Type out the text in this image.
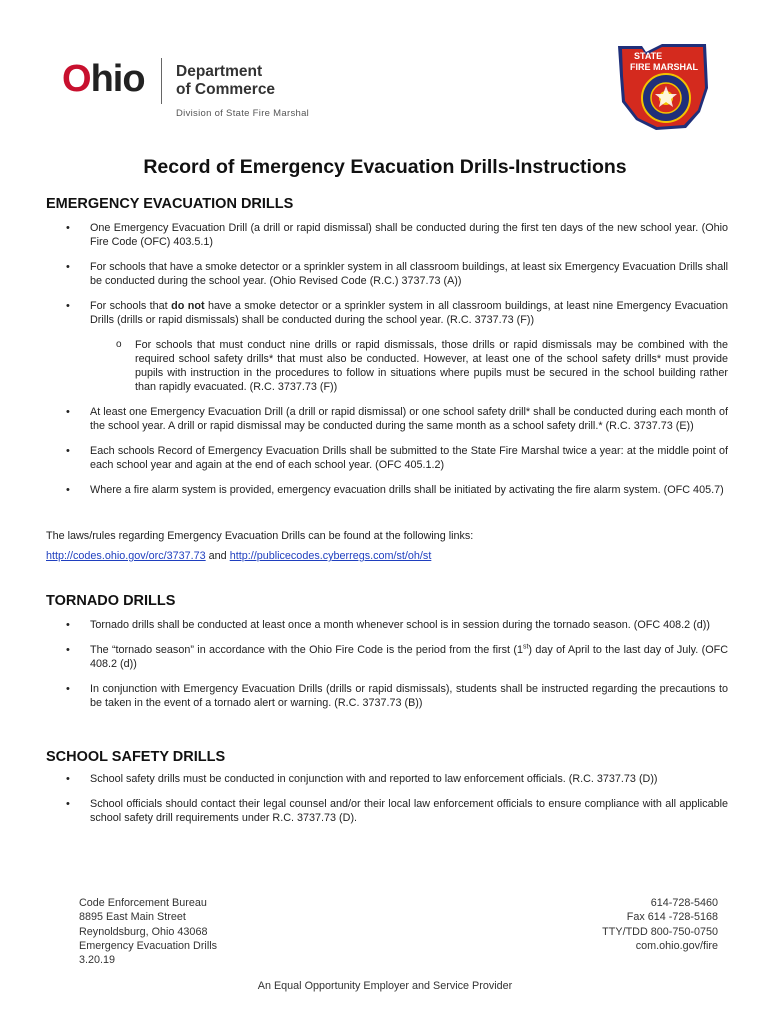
Ohio Department
of Commerce
Division of State Fire Marshal
STATE
FIRE MARSHAL
Record of Emergency Evacuation Drills-Instructions
EMERGENCY EVACUATION DRILLS
• One Emergency Evacuation Drill (a drill or rapid dismissal) shall be conducted during the first ten days of the new school year. (Ohio Fire Code (OFC) 403.5.1)
• For schools that have a smoke detector or a sprinkler system in all classroom buildings, at least six Emergency Evacuation Drills shall be conducted during the school year. (Ohio Revised Code (R.C.) 3737.73 (A))
• For schools that do not have a smoke detector or a sprinkler system in all classroom buildings, at least nine Emergency Evacuation Drills (drills or rapid dismissals) shall be conducted during the school year. (R.C. 3737.73 (F))
o For schools that must conduct nine drills or rapid dismissals, those drills or rapid dismissals may be combined with the required school safety drills* that must also be conducted. However, at least one of the school safety drills* must provide pupils with instruction in the procedures to follow in situations where pupils must be secured in the school building rather than rapidly evacuated. (R.C. 3737.73 (F))
• At least one Emergency Evacuation Drill (a drill or rapid dismissal) or one school safety drill* shall be conducted during each month of the school year. A drill or rapid dismissal may be conducted during the same month as a school safety drill.* (R.C. 3737.73 (E))
• Each schools Record of Emergency Evacuation Drills shall be submitted to the State Fire Marshal twice a year: at the middle point of each school year and again at the end of each school year. (OFC 405.1.2)
• Where a fire alarm system is provided, emergency evacuation drills shall be initiated by activating the fire alarm system. (OFC 405.7)
The laws/rules regarding Emergency Evacuation Drills can be found at the following links:
http://codes.ohio.gov/orc/3737.73 and http://publicecodes.cyberregs.com/st/oh/st
TORNADO DRILLS
• Tornado drills shall be conducted at least once a month whenever school is in session during the tornado season. (OFC 408.2 (d))
• The “tornado season” in accordance with the Ohio Fire Code is the period from the first (1st) day of April to the last day of July. (OFC 408.2 (d))
• In conjunction with Emergency Evacuation Drills (drills or rapid dismissals), students shall be instructed regarding the precautions to be taken in the event of a tornado alert or warning. (R.C. 3737.73 (B))
SCHOOL SAFETY DRILLS
• School safety drills must be conducted in conjunction with and reported to law enforcement officials. (R.C. 3737.73 (D))
• School officials should contact their legal counsel and/or their local law enforcement officials to ensure compliance with all applicable school safety drill requirements under R.C. 3737.73 (D).
Code Enforcement Bureau
8895 East Main Street
Reynoldsburg, Ohio 43068
Emergency Evacuation Drills
3.20.19
614-728-5460
Fax 614 -728-5168
TTY/TDD 800-750-0750
com.ohio.gov/fire
An Equal Opportunity Employer and Service Provider
